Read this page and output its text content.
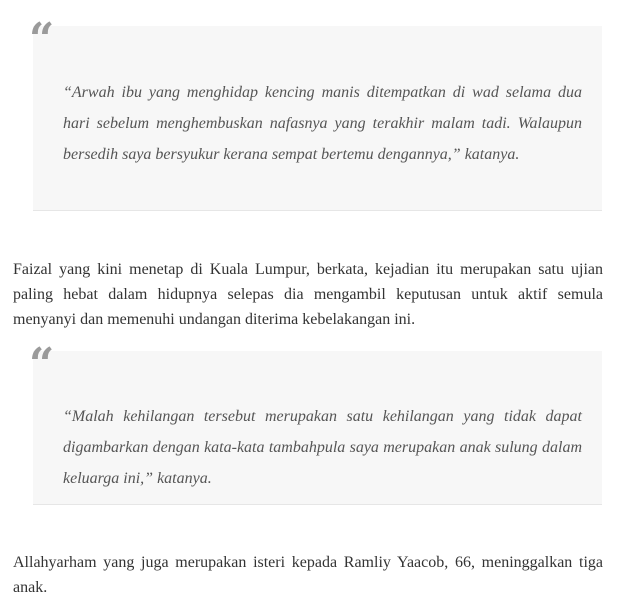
“

“Arwah ibu yang menghidap kencing manis ditempatkan di wad selama dua hari sebelum menghembuskan nafasnya yang terakhir malam tadi. Walaupun bersedih saya bersyukur kerana sempat bertemu dengannya,” katanya.

Faizal yang kini menetap di Kuala Lumpur, berkata, kejadian itu merupakan satu ujian paling hebat dalam hidupnya selepas dia mengambil keputusan untuk aktif semula menyanyi dan memenuhi undangan diterima kebelakangan ini.

“

“Malah kehilangan tersebut merupakan satu kehilangan yang tidak dapat digambarkan dengan kata-kata tambahpula saya merupakan anak sulung dalam keluarga ini,” katanya.

Allahyarham yang juga merupakan isteri kepada Ramliy Yaacob, 66, meninggalkan tiga anak.
